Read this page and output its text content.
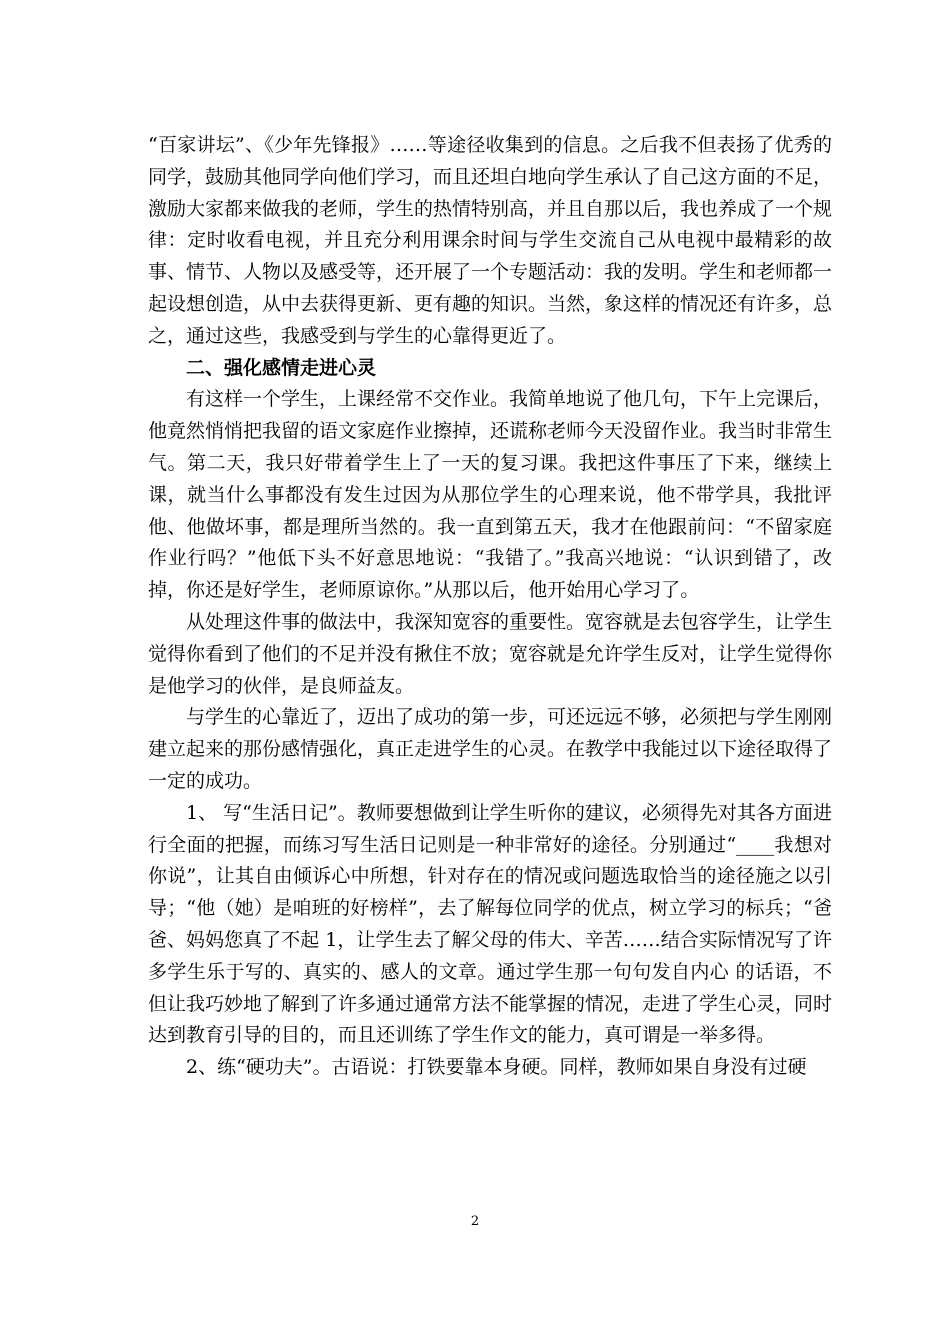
“百家讲坛”、《少年先锋报》……等途径收集到的信息。之后我不但表扬了优秀的同学，鼓励其他同学向他们学习，而且还坦白地向学生承认了自己这方面的不足，激励大家都来做我的老师，学生的热情特别高，并且自那以后，我也养成了一个规律：定时收看电视，并且充分利用课余时间与学生交流自己从电视中最精彩的故事、情节、人物以及感受等，还开展了一个专题活动：我的发明。学生和老师都一起设想创造，从中去获得更新、更有趣的知识。当然，象这样的情况还有许多，总之，通过这些，我感受到与学生的心靠得更近了。

二、强化感情走进心灵

有这样一个学生，上课经常不交作业。我简单地说了他几句，下午上完课后，他竟然悄悄把我留的语文家庭作业擦掉，还谎称老师今天没留作业。我当时非常生气。第二天，我只好带着学生上了一天的复习课。我把这件事压了下来，继续上课，就当什么事都没有发生过因为从那位学生的心理来说，他不带学具，我批评他、他做坏事，都是理所当然的。我一直到第五天，我才在他跟前问：“不留家庭作业行吗？”他低下头不好意思地说：“我错了。”我高兴地说：“认识到错了，改掉，你还是好学生，老师原谅你。”从那以后，他开始用心学习了。

从处理这件事的做法中，我深知宽容的重要性。宽容就是去包容学生，让学生觉得你看到了他们的不足并没有揪住不放；宽容就是允许学生反对，让学生觉得你是他学习的伙伴，是良师益友。

与学生的心靠近了，迈出了成功的第一步，可还远远不够，必须把与学生刚刚建立起来的那份感情强化，真正走进学生的心灵。在教学中我能过以下途径取得了一定的成功。

1、 写“生活日记”。教师要想做到让学生听你的建议，必须得先对其各方面进行全面的把握，而练习写生活日记则是一种非常好的途径。分别通过“____我想对你说”，让其自由倾诉心中所想，针对存在的情况或问题选取恰当的途径施之以引导；“他（她）是咱班的好榜样”，去了解每位同学的优点，树立学习的标兵；“爸爸、妈妈您真了不起 1，让学生去了解父母的伟大、辛苦……结合实际情况写了许多学生乐于写的、真实的、感人的文章。通过学生那一句句发自内心 的话语，不但让我巧妙地了解到了许多通过通常方法不能掌握的情况，走进了学生心灵，同时达到教育引导的目的，而且还训练了学生作文的能力，真可谓是一举多得。

2、练“硬功夫”。古语说：打铁要靠本身硬。同样，教师如果自身没有过硬

2
